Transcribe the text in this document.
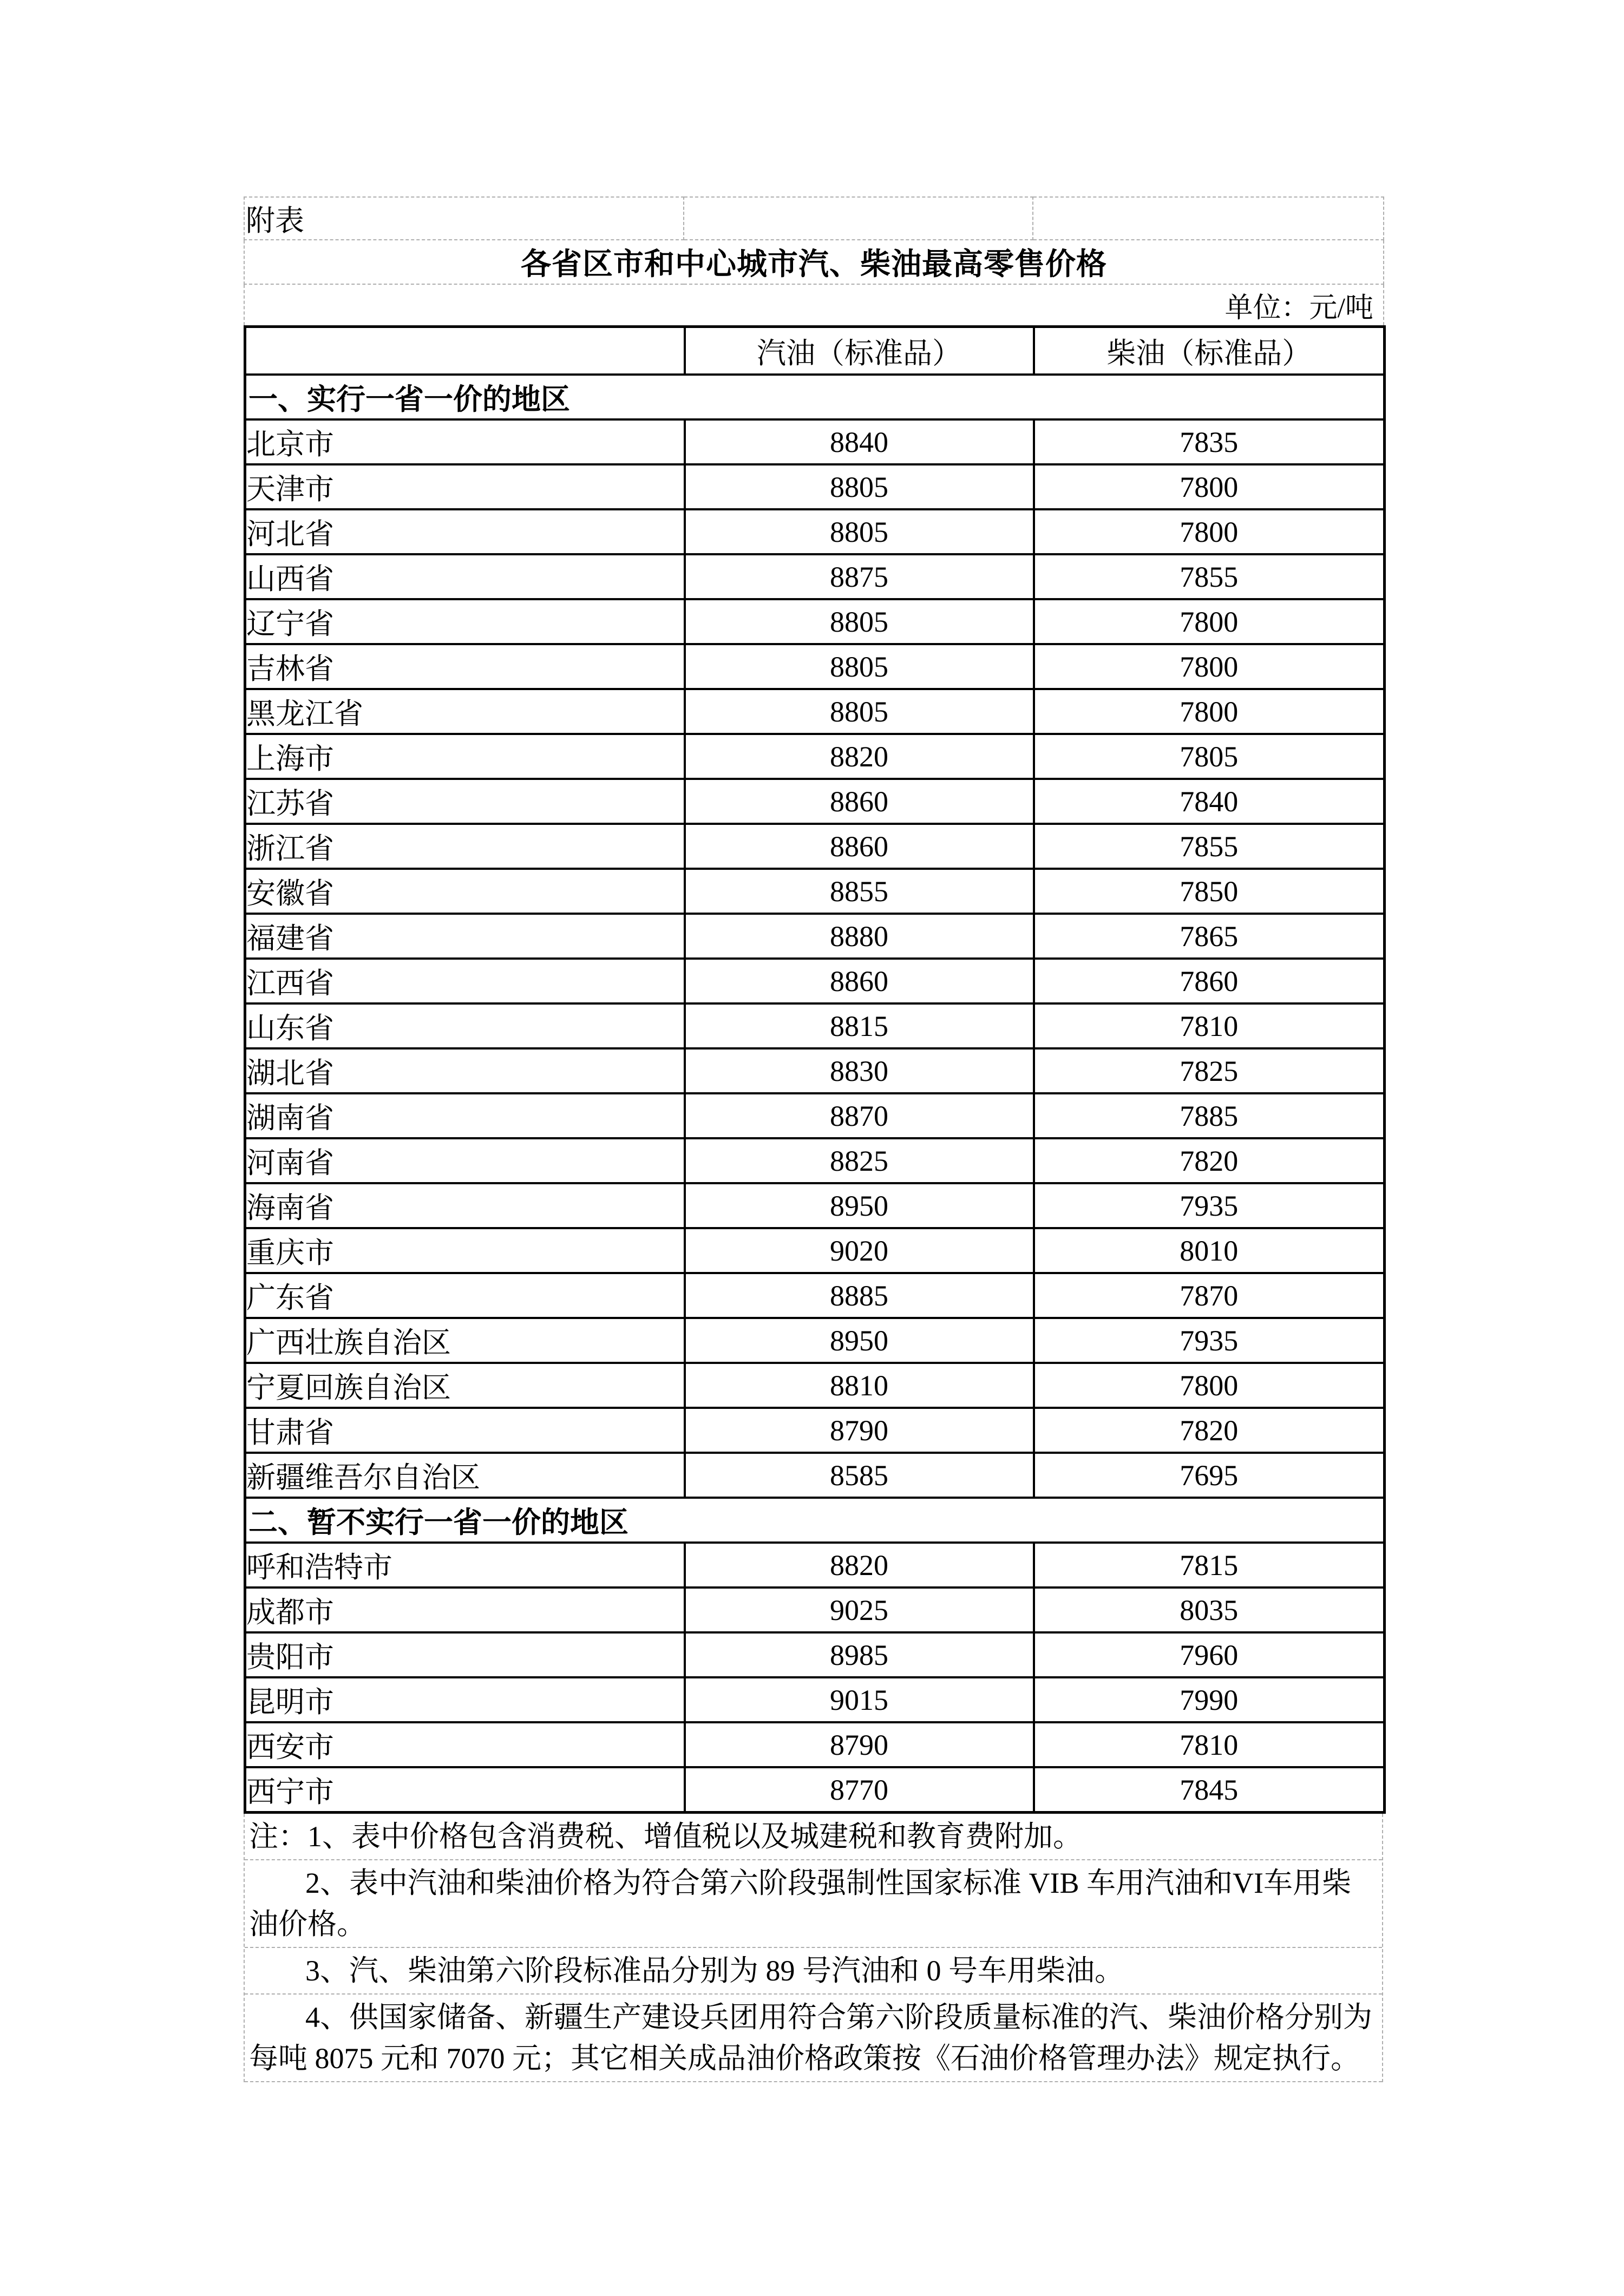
附表		
各省区市和中心城市汽、柴油最高零售价格
单位：元/吨
	汽油（标准品）	柴油（标准品）
一、实行一省一价的地区		
北京市	8840	7835
天津市	8805	7800
河北省	8805	7800
山西省	8875	7855
辽宁省	8805	7800
吉林省	8805	7800
黑龙江省	8805	7800
上海市	8820	7805
江苏省	8860	7840
浙江省	8860	7855
安徽省	8855	7850
福建省	8880	7865
江西省	8860	7860
山东省	8815	7810
湖北省	8830	7825
湖南省	8870	7885
河南省	8825	7820
海南省	8950	7935
重庆市	9020	8010
广东省	8885	7870
广西壮族自治区	8950	7935
宁夏回族自治区	8810	7800
甘肃省	8790	7820
新疆维吾尔自治区	8585	7695
二、暂不实行一省一价的地区		
呼和浩特市	8820	7815
成都市	9025	8035
贵阳市	8985	7960
昆明市	9015	7990
西安市	8790	7810
西宁市	8770	7845
注：1、表中价格包含消费税、增值税以及城建税和教育费附加。
2、表中汽油和柴油价格为符合第六阶段强制性国家标准 VIB 车用汽油和VI车用柴油价格。
3、汽、柴油第六阶段标准品分别为 89 号汽油和 0 号车用柴油。
4、供国家储备、新疆生产建设兵团用符合第六阶段质量标准的汽、柴油价格分别为每吨 8075 元和 7070 元；其它相关成品油价格政策按《石油价格管理办法》规定执行。
